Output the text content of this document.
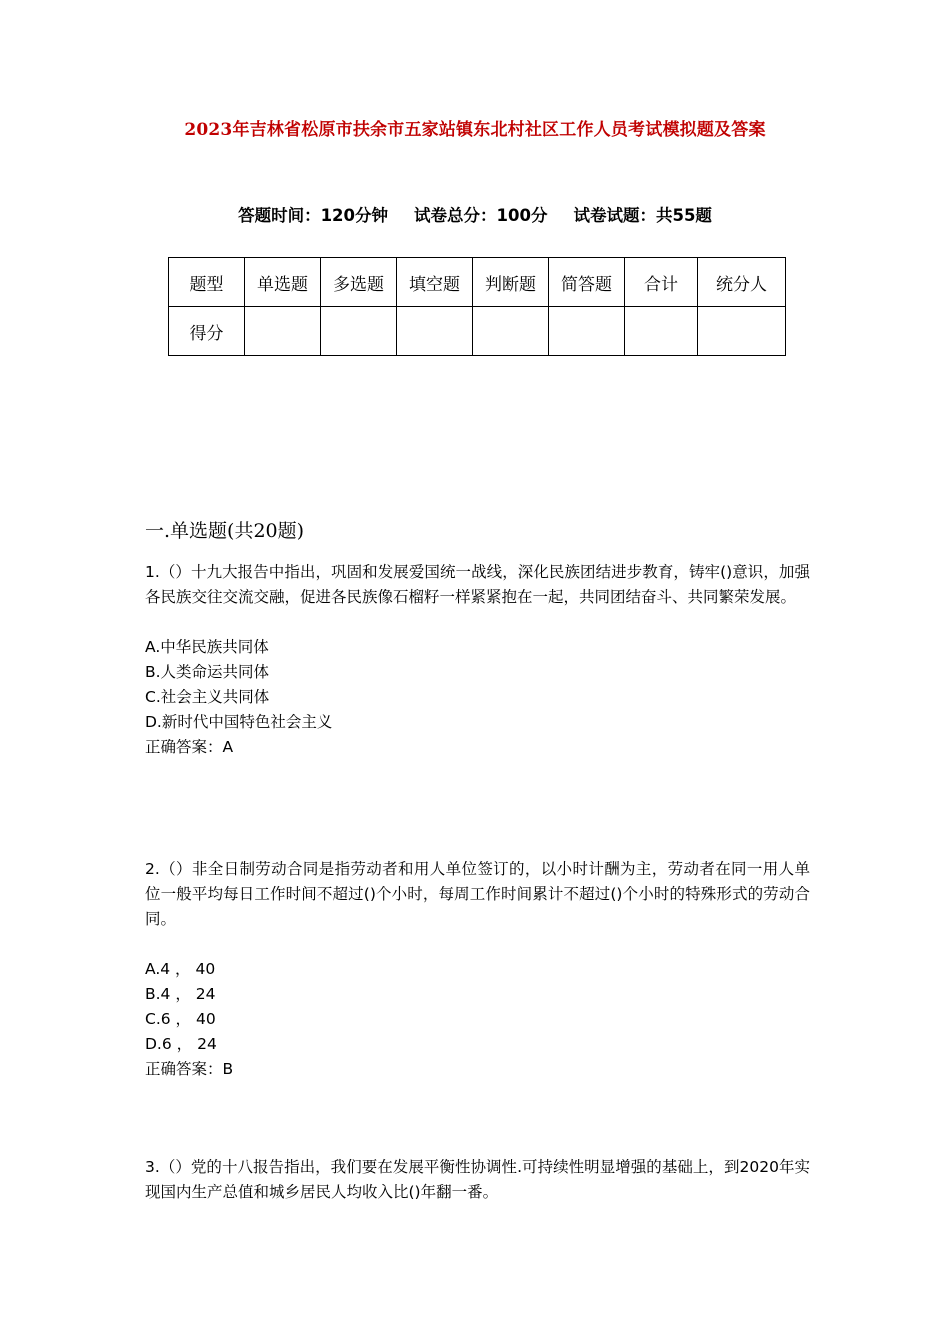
2023年吉林省松原市扶余市五家站镇东北村社区工作人员考试模拟题及答案
答题时间：120分钟 试卷总分：100分 试卷试题：共55题
题型	单选题	多选题	填空题	判断题	简答题	合计	统分人
得分							
一.单选题(共20题)

1.（）十九大报告中指出，巩固和发展爱国统一战线，深化民族团结进步教育，铸牢()意识，加强各民族交往交流交融，促进各民族像石榴籽一样紧紧抱在一起，共同团结奋斗、共同繁荣发展。

A.中华民族共同体

B.人类命运共同体

C.社会主义共同体

D.新时代中国特色社会主义

正确答案：A

2.（）非全日制劳动合同是指劳动者和用人单位签订的，以小时计酬为主，劳动者在同一用人单位一般平均每日工作时间不超过()个小时，每周工作时间累计不超过()个小时的特殊形式的劳动合同。

A.4 ， 40

B.4 ， 24

C.6 ， 40

D.6 ， 24

正确答案：B

3.（）党的十八报告指出，我们要在发展平衡性协调性.可持续性明显增强的基础上，到2020年实现国内生产总值和城乡居民人均收入比()年翻一番。
